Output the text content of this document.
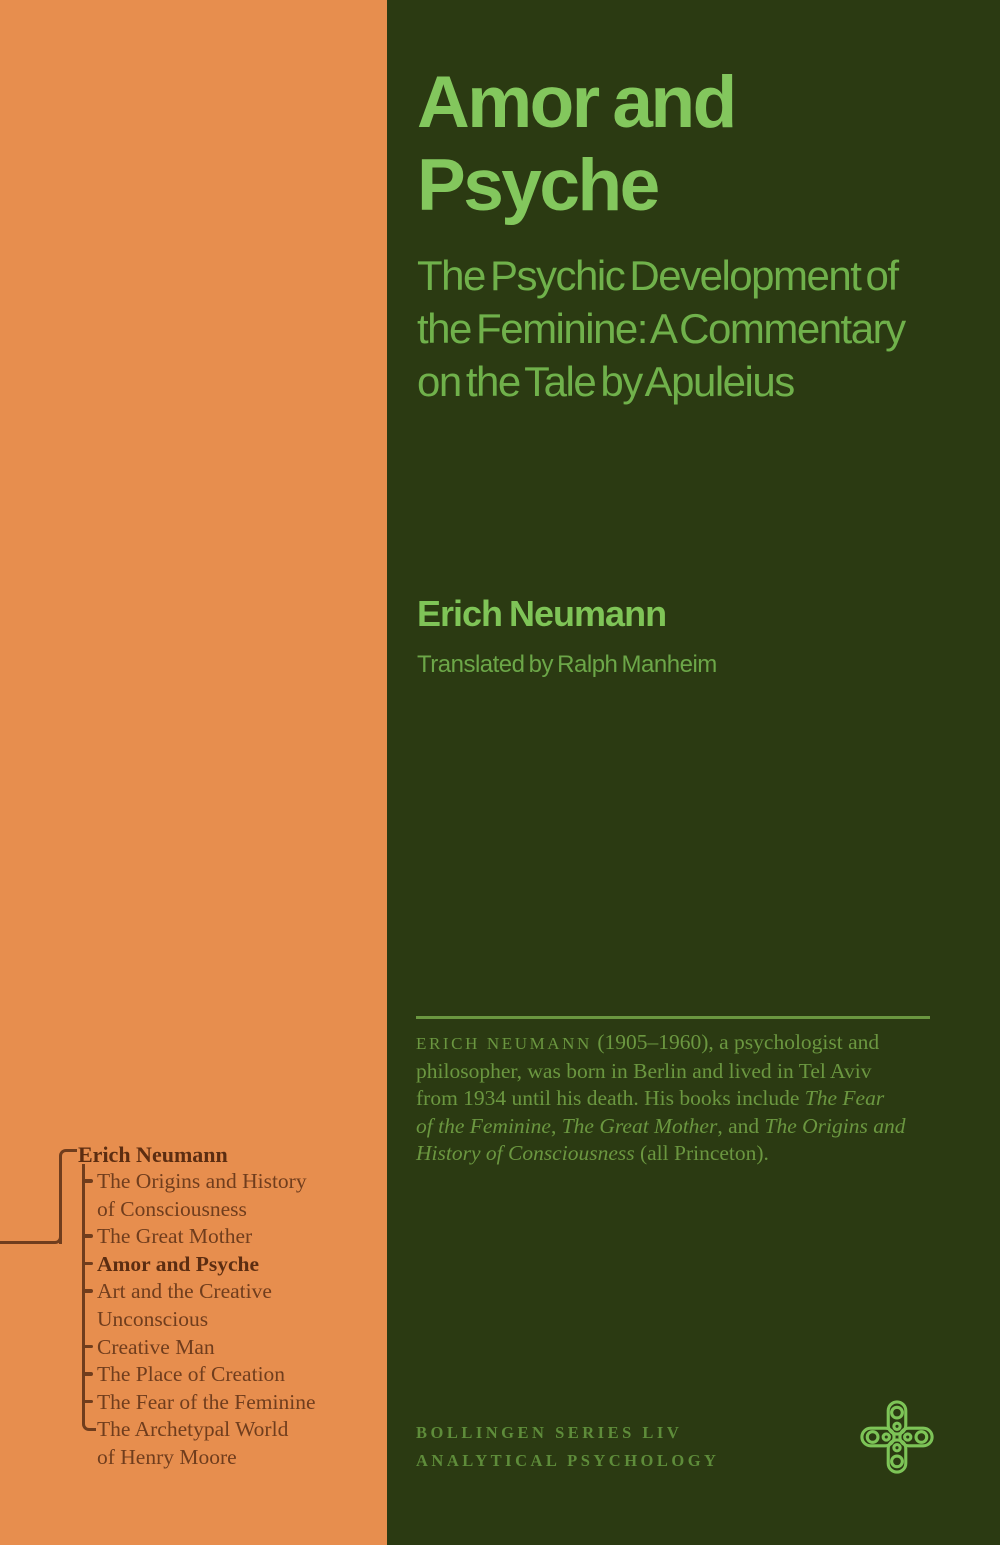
Amor and
Psyche
The Psychic Development of
the Feminine: A Commentary
on the Tale by Apuleius
Erich Neumann
Translated by Ralph Manheim
ERICH NEUMANN (1905–1960), a psychologist and
philosopher, was born in Berlin and lived in Tel Aviv
from 1934 until his death. His books include The Fear
of the Feminine, The Great Mother, and The Origins and
History of Consciousness (all Princeton).
BOLLINGEN SERIES LIV
ANALYTICAL PSYCHOLOGY
Erich Neumann
The Origins and History
of Consciousness
The Great Mother
Amor and Psyche
Art and the Creative
Unconscious
Creative Man
The Place of Creation
The Fear of the Feminine
The Archetypal World
of Henry Moore
